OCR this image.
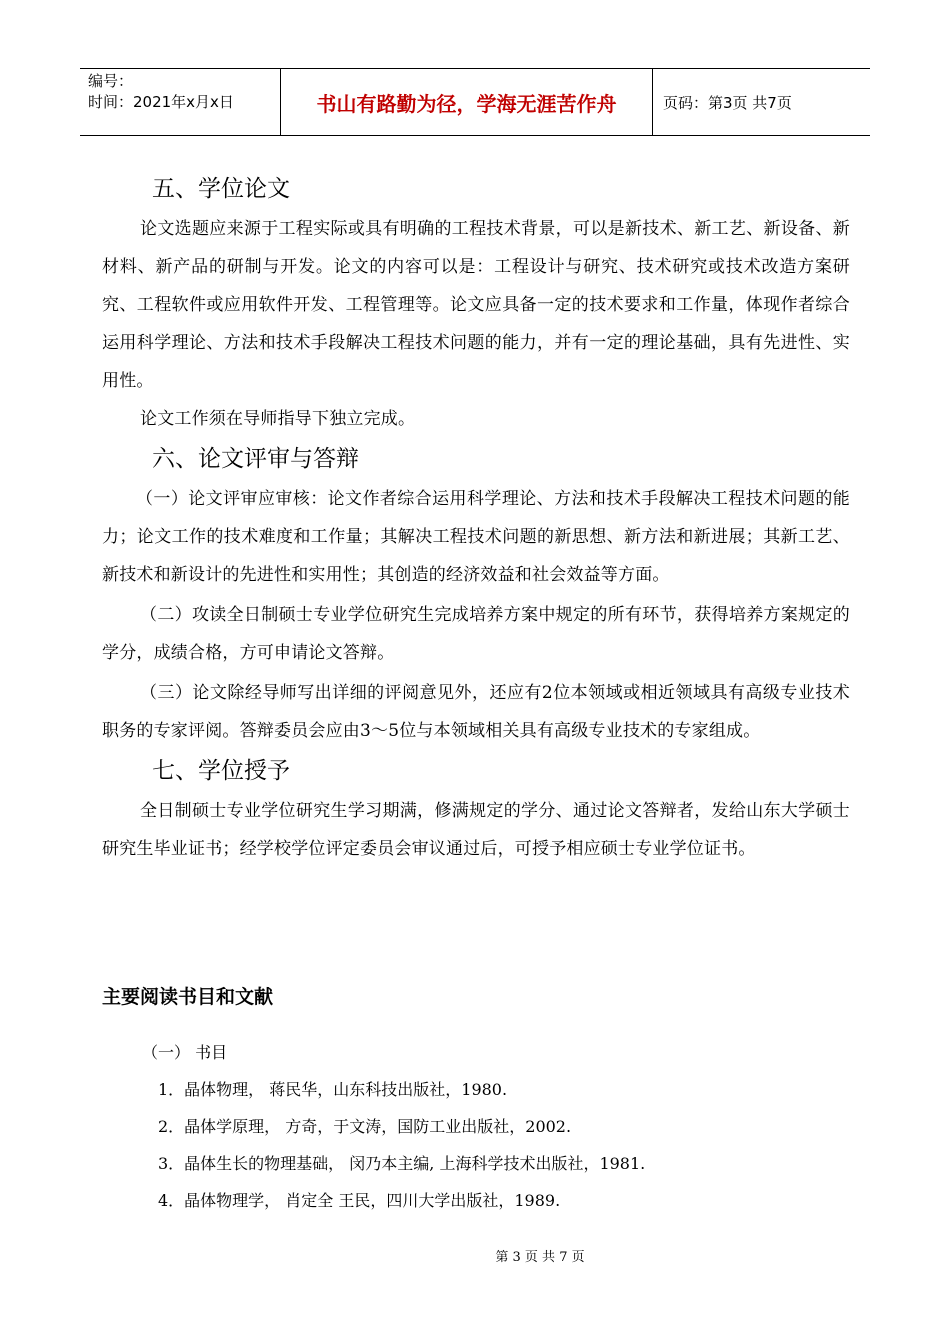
编号：
时间：2021年x月x日	书山有路勤为径，学海无涯苦作舟	页码：第3页 共7页
五、学位论文

论文选题应来源于工程实际或具有明确的工程技术背景，可以是新技术、新工艺、新设备、新材料、新产品的研制与开发。论文的内容可以是：工程设计与研究、技术研究或技术改造方案研究、工程软件或应用软件开发、工程管理等。论文应具备一定的技术要求和工作量，体现作者综合运用科学理论、方法和技术手段解决工程技术问题的能力，并有一定的理论基础，具有先进性、实用性。

论文工作须在导师指导下独立完成。

六、论文评审与答辩

（一）论文评审应审核：论文作者综合运用科学理论、方法和技术手段解决工程技术问题的能力；论文工作的技术难度和工作量；其解决工程技术问题的新思想、新方法和新进展；其新工艺、新技术和新设计的先进性和实用性；其创造的经济效益和社会效益等方面。

（二）攻读全日制硕士专业学位研究生完成培养方案中规定的所有环节，获得培养方案规定的学分，成绩合格，方可申请论文答辩。

（三）论文除经导师写出详细的评阅意见外，还应有2位本领域或相近领域具有高级专业技术职务的专家评阅。答辩委员会应由3～5位与本领域相关具有高级专业技术的专家组成。

七、学位授予

全日制硕士专业学位研究生学习期满，修满规定的学分、通过论文答辩者，发给山东大学硕士研究生毕业证书；经学校学位评定委员会审议通过后，可授予相应硕士专业学位证书。

主要阅读书目和文献
（一） 书目
1．晶体物理， 蒋民华，山东科技出版社，1980.
2．晶体学原理， 方奇，于文涛，国防工业出版社，2002.
3．晶体生长的物理基础， 闵乃本主编, 上海科学技术出版社，1981.
4．晶体物理学， 肖定全 王民，四川大学出版社，1989.
第 3 页 共 7 页
